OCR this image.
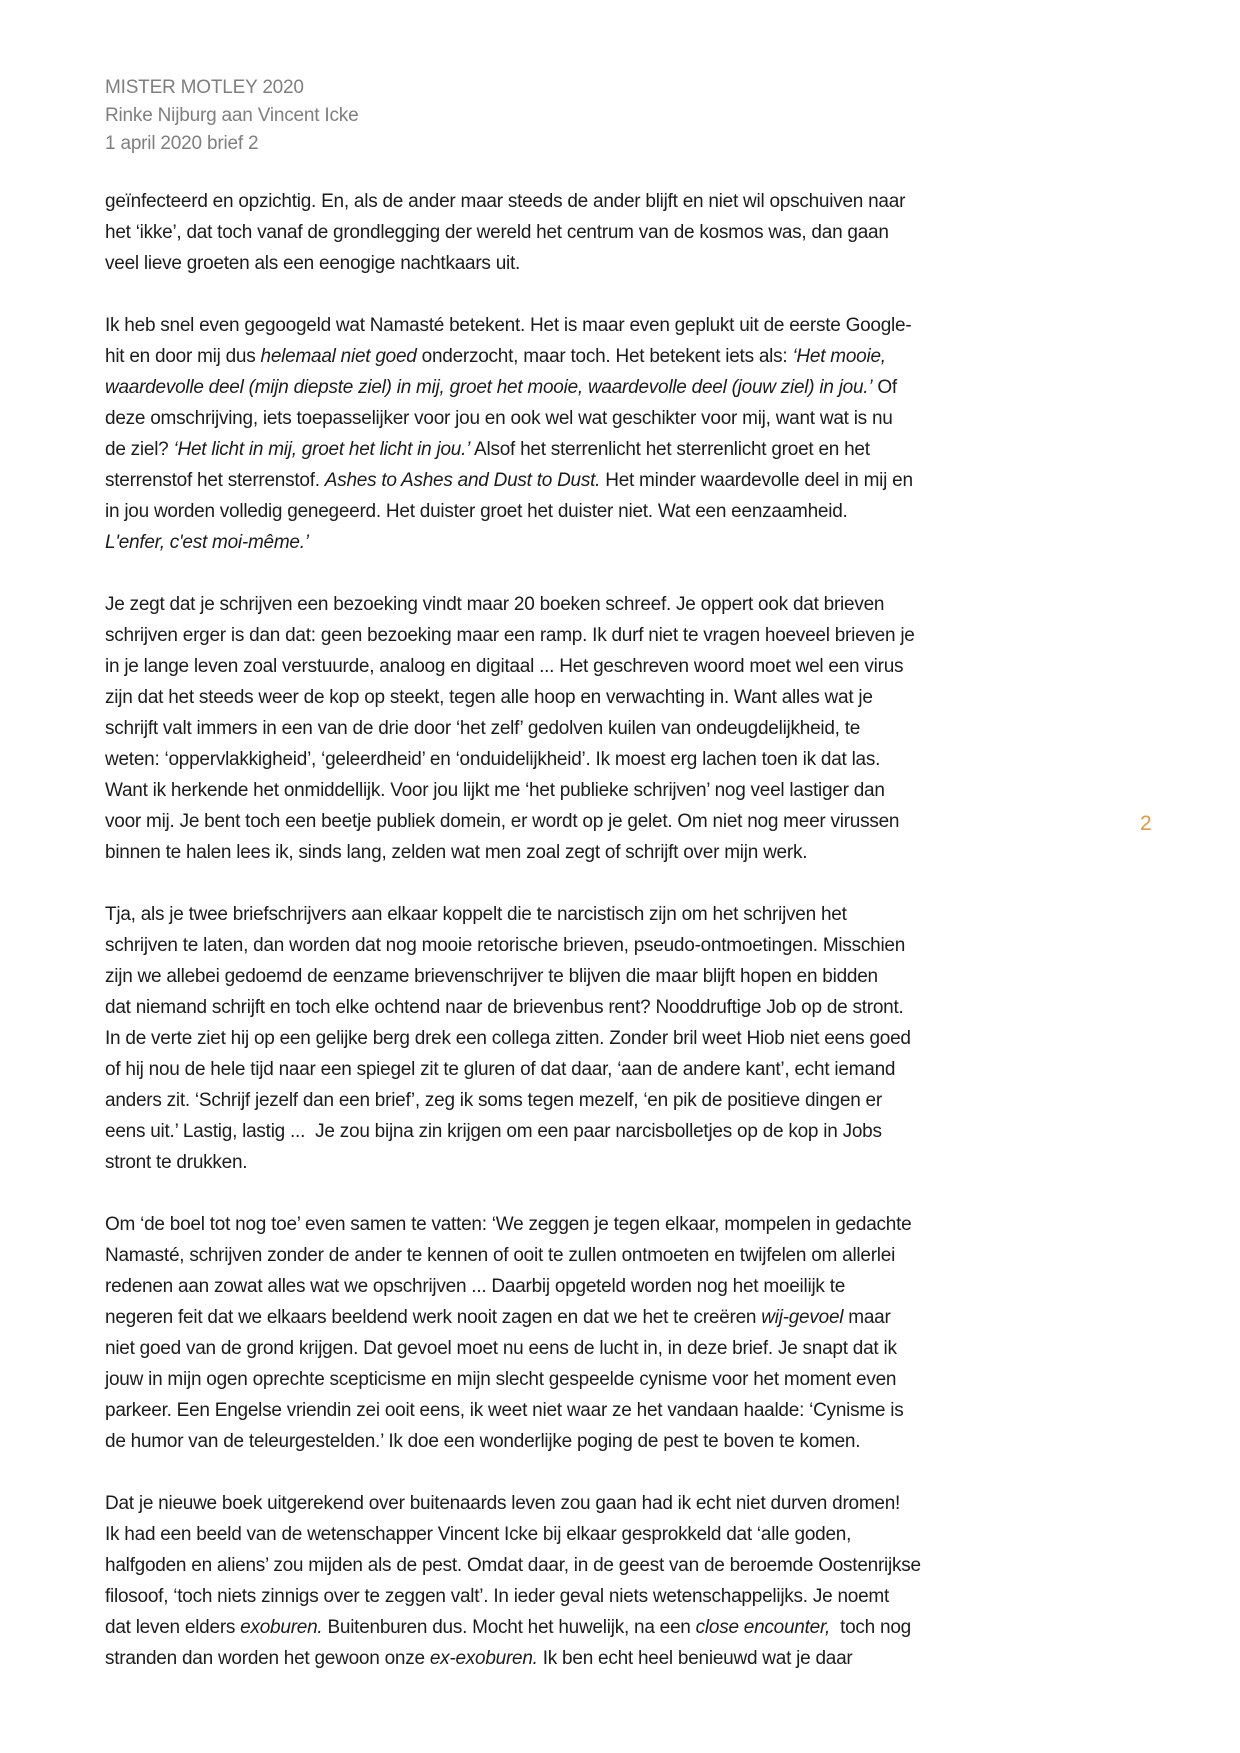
MISTER MOTLEY 2020
Rinke Nijburg aan Vincent Icke
1 april 2020 brief 2
geïnfecteerd en opzichtig. En, als de ander maar steeds de ander blijft en niet wil opschuiven naar
het ‘ikke’, dat toch vanaf de grondlegging der wereld het centrum van de kosmos was, dan gaan
veel lieve groeten als een eenogige nachtkaars uit.
Ik heb snel even gegoogeld wat Namasté betekent. Het is maar even geplukt uit de eerste Google-
hit en door mij dus helemaal niet goed onderzocht, maar toch. Het betekent iets als: ‘Het mooie,
waardevolle deel (mijn diepste ziel) in mij, groet het mooie, waardevolle deel (jouw ziel) in jou.’ Of
deze omschrijving, iets toepasselijker voor jou en ook wel wat geschikter voor mij, want wat is nu
de ziel? ‘Het licht in mij, groet het licht in jou.’ Alsof het sterrenlicht het sterrenlicht groet en het
sterrenstof het sterrenstof. Ashes to Ashes and Dust to Dust. Het minder waardevolle deel in mij en
in jou worden volledig genegeerd. Het duister groet het duister niet. Wat een eenzaamheid.
L'enfer, c'est moi-même.’
Je zegt dat je schrijven een bezoeking vindt maar 20 boeken schreef. Je oppert ook dat brieven
schrijven erger is dan dat: geen bezoeking maar een ramp. Ik durf niet te vragen hoeveel brieven je
in je lange leven zoal verstuurde, analoog en digitaal ... Het geschreven woord moet wel een virus
zijn dat het steeds weer de kop op steekt, tegen alle hoop en verwachting in. Want alles wat je
schrijft valt immers in een van de drie door ‘het zelf’ gedolven kuilen van ondeugdelijkheid, te
weten: ‘oppervlakkigheid’, ‘geleerdheid’ en ‘onduidelijkheid’. Ik moest erg lachen toen ik dat las.
Want ik herkende het onmiddellijk. Voor jou lijkt me ‘het publieke schrijven’ nog veel lastiger dan
voor mij. Je bent toch een beetje publiek domein, er wordt op je gelet. Om niet nog meer virussen
binnen te halen lees ik, sinds lang, zelden wat men zoal zegt of schrijft over mijn werk.
Tja, als je twee briefschrijvers aan elkaar koppelt die te narcistisch zijn om het schrijven het
schrijven te laten, dan worden dat nog mooie retorische brieven, pseudo-ontmoetingen. Misschien
zijn we allebei gedoemd de eenzame brievenschrijver te blijven die maar blijft hopen en bidden
dat niemand schrijft en toch elke ochtend naar de brievenbus rent? Nooddruftige Job op de stront.
In de verte ziet hij op een gelijke berg drek een collega zitten. Zonder bril weet Hiob niet eens goed
of hij nou de hele tijd naar een spiegel zit te gluren of dat daar, ‘aan de andere kant’, echt iemand
anders zit. ‘Schrijf jezelf dan een brief’, zeg ik soms tegen mezelf, ‘en pik de positieve dingen er
eens uit.’ Lastig, lastig ...  Je zou bijna zin krijgen om een paar narcisbolletjes op de kop in Jobs
stront te drukken.
Om ‘de boel tot nog toe’ even samen te vatten: ‘We zeggen je tegen elkaar, mompelen in gedachte
Namasté, schrijven zonder de ander te kennen of ooit te zullen ontmoeten en twijfelen om allerlei
redenen aan zowat alles wat we opschrijven ... Daarbij opgeteld worden nog het moeilijk te
negeren feit dat we elkaars beeldend werk nooit zagen en dat we het te creëren wij-gevoel maar
niet goed van de grond krijgen. Dat gevoel moet nu eens de lucht in, in deze brief. Je snapt dat ik
jouw in mijn ogen oprechte scepticisme en mijn slecht gespeelde cynisme voor het moment even
parkeer. Een Engelse vriendin zei ooit eens, ik weet niet waar ze het vandaan haalde: ‘Cynisme is
de humor van de teleurgestelden.’ Ik doe een wonderlijke poging de pest te boven te komen.
Dat je nieuwe boek uitgerekend over buitenaards leven zou gaan had ik echt niet durven dromen!
Ik had een beeld van de wetenschapper Vincent Icke bij elkaar gesprokkeld dat ‘alle goden,
halfgoden en aliens’ zou mijden als de pest. Omdat daar, in de geest van de beroemde Oostenrijkse
filosoof, ‘toch niets zinnigs over te zeggen valt’. In ieder geval niets wetenschappelijks. Je noemt
dat leven elders exoburen. Buitenburen dus. Mocht het huwelijk, na een close encounter,  toch nog
stranden dan worden het gewoon onze ex-exoburen. Ik ben echt heel benieuwd wat je daar
2
